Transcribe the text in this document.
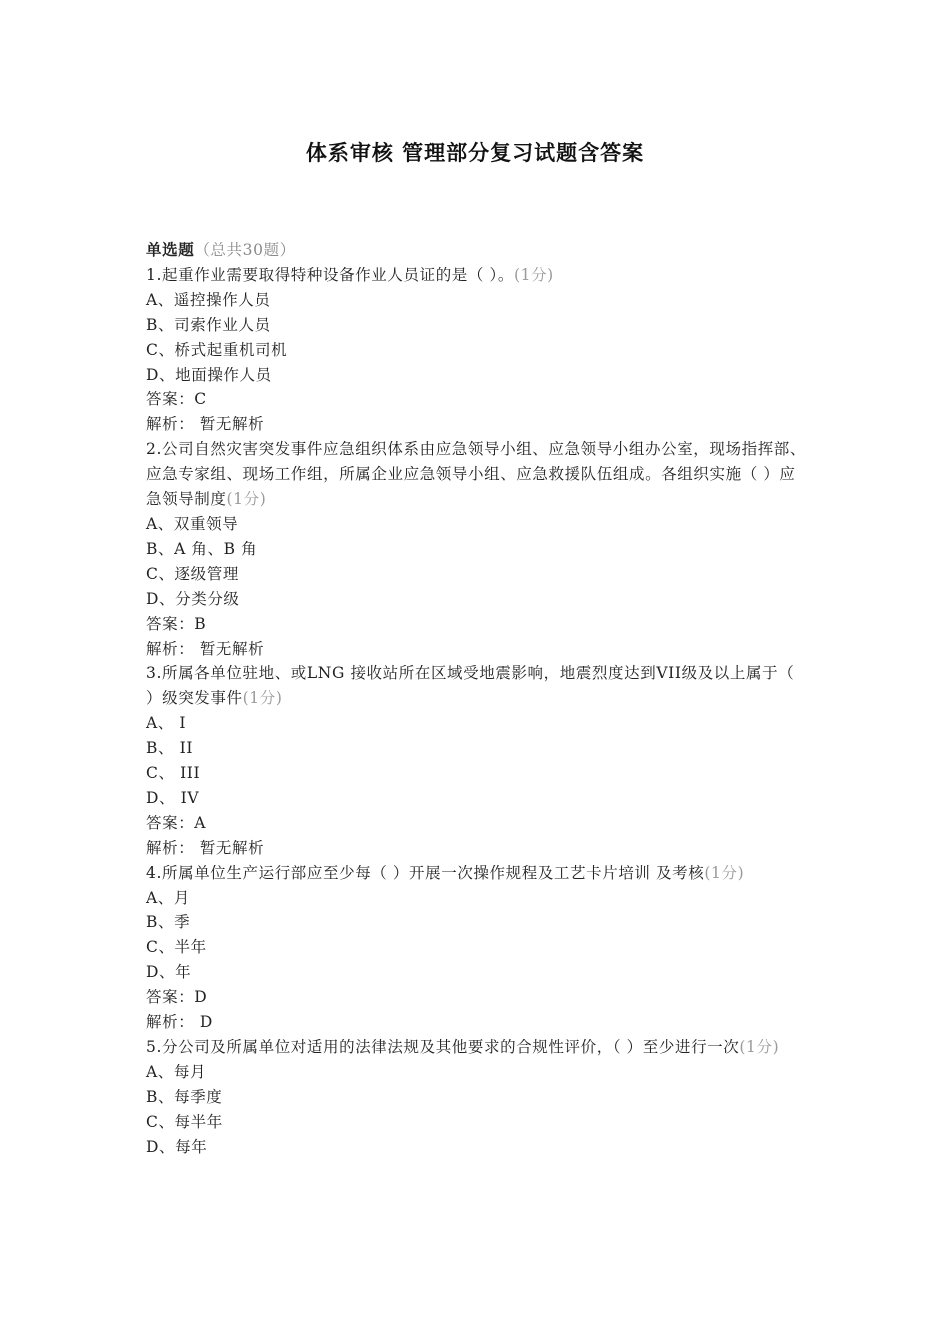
体系审核 管理部分复习试题含答案

单选题（总共30题）

1.起重作业需要取得特种设备作业人员证的是（ ）。(1分)

A、遥控操作人员

B、司索作业人员

C、桥式起重机司机

D、地面操作人员

答案：C

解析： 暂无解析

2.公司自然灾害突发事件应急组织体系由应急领导小组、应急领导小组办公室，现场指挥部、应急专家组、现场工作组，所属企业应急领导小组、应急救援队伍组成。各组织实施（ ）应急领导制度(1分)

A、双重领导

B、A 角、B 角

C、逐级管理

D、分类分级

答案：B

解析： 暂无解析

3.所属各单位驻地、或LNG 接收站所在区域受地震影响，地震烈度达到VII级及以上属于（ ）级突发事件(1分)

A、 I

B、 II

C、 III

D、 IV

答案：A

解析： 暂无解析

4.所属单位生产运行部应至少每（ ）开展一次操作规程及工艺卡片培训 及考核(1分)

A、月

B、季

C、半年

D、年

答案：D

解析： D

5.分公司及所属单位对适用的法律法规及其他要求的合规性评价，（ ）至少进行一次(1分)

A、每月

B、每季度

C、每半年

D、每年
